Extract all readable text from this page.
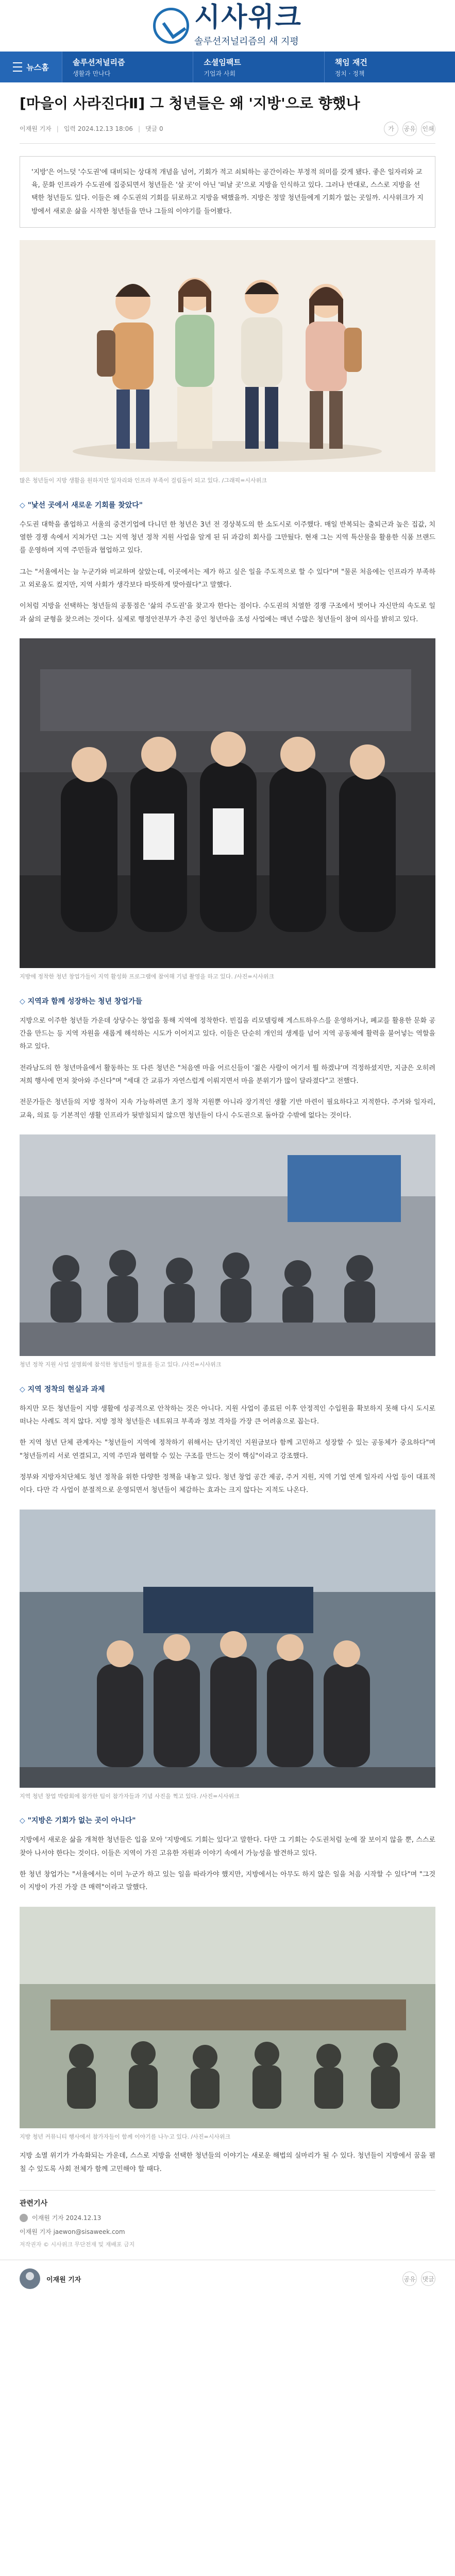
시사위크
솔루션저널리즘의 새 지평
뉴스홈
솔루션저널리즘
생활과 만나다
소셜임팩트
기업과 사회
책임 재건
정치 · 정책
[마을이 사라진다Ⅱ] 그 청년들은 왜 '지방'으로 향했나
이재원 기자 | 입력 2024.12.13 18:06 | 댓글 0	가	공유 인쇄
'지방'은 어느덧 '수도권'에 대비되는 상대적 개념을 넘어, 기회가 적고 쇠퇴하는 공간이라는 부정적 의미를 갖게 됐다. 좋은 일자리와 교육, 문화 인프라가 수도권에 집중되면서 청년들은 '살 곳'이 아닌 '떠날 곳'으로 지방을 인식하고 있다. 그러나 반대로, 스스로 지방을 선택한 청년들도 있다. 이들은 왜 수도권의 기회를 뒤로하고 지방을 택했을까. 지방은 정말 청년들에게 기회가 없는 곳일까. 시사위크가 지방에서 새로운 삶을 시작한 청년들을 만나 그들의 이야기를 들어봤다.
많은 청년들이 지방 생활을 원하지만 일자리와 인프라 부족이 걸림돌이 되고 있다. /그래픽=시사위크
◇ "낯선 곳에서 새로운 기회를 찾았다"

수도권 대학을 졸업하고 서울의 중견기업에 다니던 한 청년은 3년 전 경상북도의 한 소도시로 이주했다. 매일 반복되는 출퇴근과 높은 집값, 치열한 경쟁 속에서 지쳐가던 그는 지역 청년 정착 지원 사업을 알게 된 뒤 과감히 회사를 그만뒀다. 현재 그는 지역 특산물을 활용한 식품 브랜드를 운영하며 지역 주민들과 협업하고 있다.

그는 "서울에서는 늘 누군가와 비교하며 살았는데, 이곳에서는 제가 하고 싶은 일을 주도적으로 할 수 있다"며 "물론 처음에는 인프라가 부족하고 외로움도 컸지만, 지역 사회가 생각보다 따뜻하게 맞아줬다"고 말했다.

이처럼 지방을 선택하는 청년들의 공통점은 '삶의 주도권'을 찾고자 한다는 점이다. 수도권의 치열한 경쟁 구조에서 벗어나 자신만의 속도로 일과 삶의 균형을 찾으려는 것이다. 실제로 행정안전부가 추진 중인 청년마을 조성 사업에는 매년 수많은 청년들이 참여 의사를 밝히고 있다.

지방에 정착한 청년 창업가들이 지역 활성화 프로그램에 참여해 기념 촬영을 하고 있다. /사진=시사위크
◇ 지역과 함께 성장하는 청년 창업가들

지방으로 이주한 청년들 가운데 상당수는 창업을 통해 지역에 정착한다. 빈집을 리모델링해 게스트하우스를 운영하거나, 폐교를 활용한 문화 공간을 만드는 등 지역 자원을 새롭게 해석하는 시도가 이어지고 있다. 이들은 단순히 개인의 생계를 넘어 지역 공동체에 활력을 불어넣는 역할을 하고 있다.

전라남도의 한 청년마을에서 활동하는 또 다른 청년은 "처음엔 마을 어르신들이 '젊은 사람이 여기서 뭘 하겠냐'며 걱정하셨지만, 지금은 오히려 저희 행사에 먼저 찾아와 주신다"며 "세대 간 교류가 자연스럽게 이뤄지면서 마을 분위기가 많이 달라졌다"고 전했다.

전문가들은 청년들의 지방 정착이 지속 가능하려면 초기 정착 지원뿐 아니라 장기적인 생활 기반 마련이 필요하다고 지적한다. 주거와 일자리, 교육, 의료 등 기본적인 생활 인프라가 뒷받침되지 않으면 청년들이 다시 수도권으로 돌아갈 수밖에 없다는 것이다.

청년 정착 지원 사업 설명회에 참석한 청년들이 발표를 듣고 있다. /사진=시사위크
◇ 지역 정착의 현실과 과제

하지만 모든 청년들이 지방 생활에 성공적으로 안착하는 것은 아니다. 지원 사업이 종료된 이후 안정적인 수입원을 확보하지 못해 다시 도시로 떠나는 사례도 적지 않다. 지방 정착 청년들은 네트워크 부족과 정보 격차를 가장 큰 어려움으로 꼽는다.

한 지역 청년 단체 관계자는 "청년들이 지역에 정착하기 위해서는 단기적인 지원금보다 함께 고민하고 성장할 수 있는 공동체가 중요하다"며 "청년들끼리 서로 연결되고, 지역 주민과 협력할 수 있는 구조를 만드는 것이 핵심"이라고 강조했다.

정부와 지방자치단체도 청년 정착을 위한 다양한 정책을 내놓고 있다. 청년 창업 공간 제공, 주거 지원, 지역 기업 연계 일자리 사업 등이 대표적이다. 다만 각 사업이 분절적으로 운영되면서 청년들이 체감하는 효과는 크지 않다는 지적도 나온다.

지역 청년 창업 박람회에 참가한 팀이 참가자들과 기념 사진을 찍고 있다. /사진=시사위크
◇ "지방은 기회가 없는 곳이 아니다"

지방에서 새로운 삶을 개척한 청년들은 입을 모아 '지방에도 기회는 있다'고 말한다. 다만 그 기회는 수도권처럼 눈에 잘 보이지 않을 뿐, 스스로 찾아 나서야 한다는 것이다. 이들은 지역이 가진 고유한 자원과 이야기 속에서 가능성을 발견하고 있다.

한 청년 창업가는 "서울에서는 이미 누군가 하고 있는 일을 따라가야 했지만, 지방에서는 아무도 하지 않은 일을 처음 시작할 수 있다"며 "그것이 지방이 가진 가장 큰 매력"이라고 말했다.

지방 청년 커뮤니티 행사에서 참가자들이 함께 이야기를 나누고 있다. /사진=시사위크

지방 소멸 위기가 가속화되는 가운데, 스스로 지방을 선택한 청년들의 이야기는 새로운 해법의 실마리가 될 수 있다. 청년들이 지방에서 꿈을 펼칠 수 있도록 사회 전체가 함께 고민해야 할 때다.

관련기사
이재원 기자 2024.12.13
이재원 기자 jaewon@sisaweek.com
저작권자 © 시사위크 무단전재 및 재배포 금지
이재원 기자	공유 댓글
